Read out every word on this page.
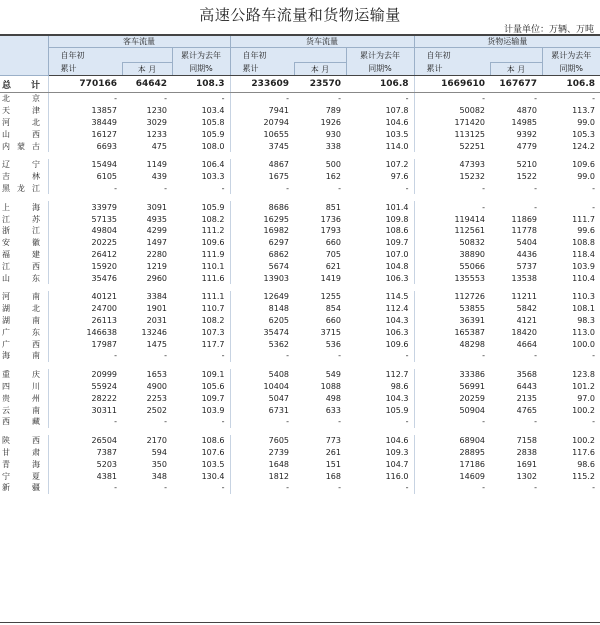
高速公路车流量和货物运输量
计量单位：万辆、万吨
	客车流量			货车流量			货物运输量		
	自年初		累计为去年	自年初		累计为去年	自年初		累计为去年
	累计	本 月	同期%	累计	本 月	同期%	累计	本 月	同期%
总 计	770166	64642	108.3	233609	23570	106.8	1669610	167677	106.8
北 京	-	-	-	-	-	-	-	-	-
天 津	13857	1230	103.4	7941	789	107.8	50082	4870	113.7
河 北	38449	3029	105.8	20794	1926	104.6	171420	14985	99.0
山 西	16127	1233	105.9	10655	930	103.5	113125	9392	105.3
内蒙古	6693	475	108.0	3745	338	114.0	52251	4779	124.2

辽 宁	15494	1149	106.4	4867	500	107.2	47393	5210	109.6
吉 林	6105	439	103.3	1675	162	97.6	15232	1522	99.0
黑龙江	-	-	-	-	-	-	-	-	-

上 海	33979	3091	105.9	8686	851	101.4	-	-	-
江 苏	57135	4935	108.2	16295	1736	109.8	119414	11869	111.7
浙 江	49804	4299	111.2	16982	1793	108.6	112561	11778	99.6
安 徽	20225	1497	109.6	6297	660	109.7	50832	5404	108.8
福 建	26412	2280	111.9	6862	705	107.0	38890	4436	118.4
江 西	15920	1219	110.1	5674	621	104.8	55066	5737	103.9
山 东	35476	2960	111.6	13903	1419	106.3	135553	13538	110.4

河 南	40121	3384	111.1	12649	1255	114.5	112726	11211	110.3
湖 北	24700	1901	110.7	8148	854	112.4	53855	5842	108.1
湖 南	26113	2031	108.2	6205	660	104.3	36391	4121	98.3
广 东	146638	13246	107.3	35474	3715	106.3	165387	18420	113.0
广 西	17987	1475	117.7	5362	536	109.6	48298	4664	100.0
海 南	-	-	-	-	-	-	-	-	-

重 庆	20999	1653	109.1	5408	549	112.7	33386	3568	123.8
四 川	55924	4900	105.6	10404	1088	98.6	56991	6443	101.2
贵 州	28222	2253	109.7	5047	498	104.3	20259	2135	97.0
云 南	30311	2502	103.9	6731	633	105.9	50904	4765	100.2
西 藏	-	-	-	-	-	-	-	-	-

陕 西	26504	2170	108.6	7605	773	104.6	68904	7158	100.2
甘 肃	7387	594	107.6	2739	261	109.3	28895	2838	117.6
青 海	5203	350	103.5	1648	151	104.7	17186	1691	98.6
宁 夏	4381	348	130.4	1812	168	116.0	14609	1302	115.2
新 疆	-	-	-	-	-	-	-	-	-
